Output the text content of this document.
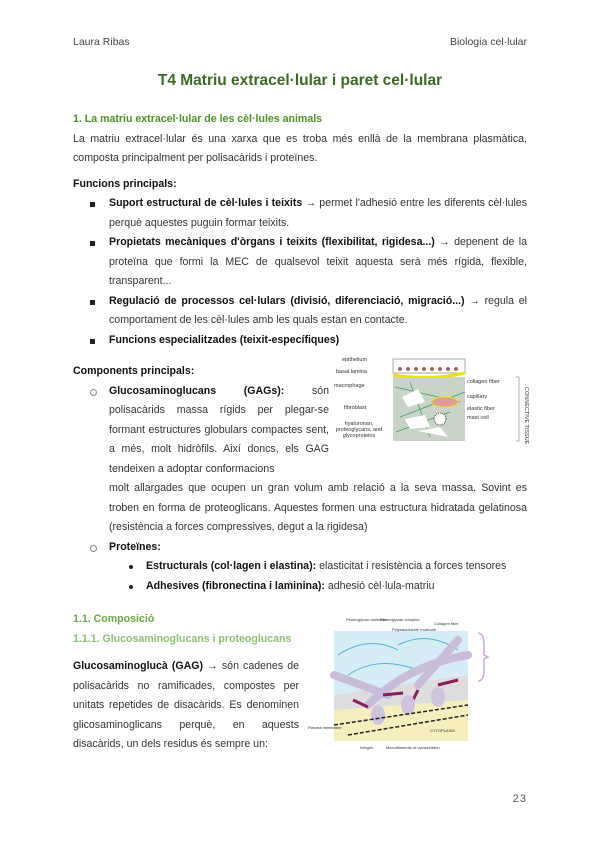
Laura Ribas	Biologia cel·lular
T4 Matriu extracel·lular i paret cel·lular
1. La matriu extracel·lular de les cèl·lules animals

La matriu extracel·lular és una xarxa que es troba més enllà de la membrana plasmàtica, composta principalment per polisacàrids i proteïnes.

Funcions principals:

Suport estructural de cèl·lules i teixits → permet l'adhesió entre les diferents cèl·lules perquè aquestes puguin formar teixits.
Propietats mecàniques d'òrgans i teixits (flexibilitat, rigidesa...) → depenent de la proteïna que formi la MEC de qualsevol teixit aquesta serà més rígida, flexible, transparent...
Regulació de processos cel·lulars (divisió, diferenciació, migració...) → regula el comportament de les cèl·lules amb les quals estan en contacte.
Funcions especialitzades (teixit-específiques)

Components principals:

Glucosaminoglucans (GAGs): són polisacàrids massa rígids per plegar-se formant estructures globulars compactes sent, a més, molt hidròfils. Així doncs, els GAG tendeixen a adoptar conformacions
molt allargades que ocupen un gran volum amb relació a la seva massa. Sovint es troben en forma de proteoglicans. Aquestes formen una estructura hidratada gelatinosa (resistència a forces compressives, degut a la rigidesa)
Proteïnes:
Estructurals (col·lagen i elastina): elasticitat i resistència a forces tensores
Adhesives (fibronectina i laminina): adhesió cèl·lula-matriu
epithelium
basal lamina
macrophage
fibroblast
hyaluronan, proteoglycans, and glycoproteins
collagen fiber
capillary
elastic fiber
mast cell	CONNECTIVE TISSUE
1.1. Composició
1.1.1. Glucosaminoglucans i proteoglucans

Glucosaminoglucà (GAG) → són cadenes de polisacàrids no ramificades, compostes per unitats repetides de disacàrids. Es denominen glicosaminoglicans perquè, en aquests disacàrids, un dels residus és sempre un:

Proteoglycan molecule
Proteoglycan complex
Polysaccharide molecule
Collagen fiber
Plasma membrane
Integrin	Microfilaments of cytoskeleton
CYTOPLASM
23
